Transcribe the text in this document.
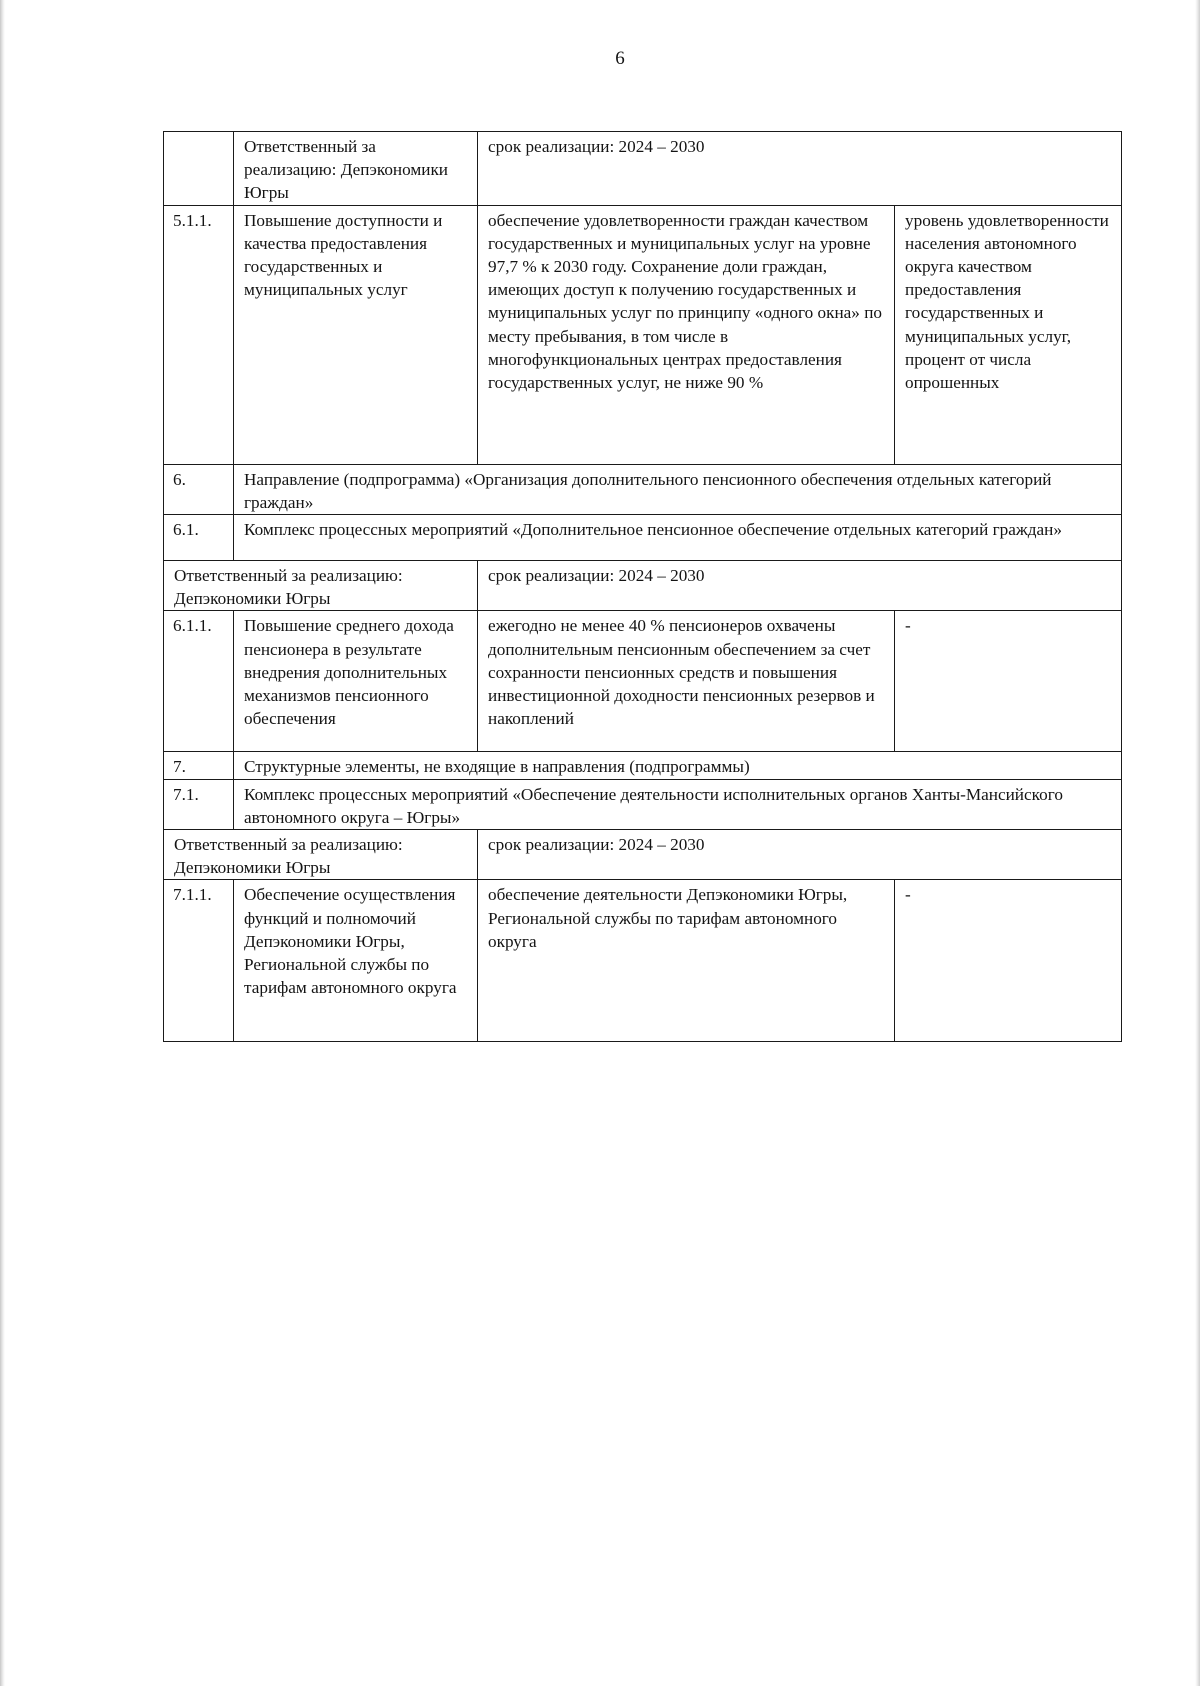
6
	Ответственный за реализацию: Депэкономики Югры	срок реализации: 2024 – 2030	
5.1.1.	Повышение доступности и качества предоставления государственных и муниципальных услуг	обеспечение удовлетворенности граждан качеством государственных и муниципальных услуг на уровне 97,7 % к 2030 году. Сохранение доли граждан, имеющих доступ к получению государственных и муниципальных услуг по принципу «одного окна» по месту пребывания, в том числе в многофункциональных центрах предоставления государственных услуг, не ниже 90 %	уровень удовлетворенности населения автономного округа качеством предоставления государственных и муниципальных услуг, процент от числа опрошенных
6.	Направление (подпрограмма) «Организация дополнительного пенсионного обеспечения отдельных категорий граждан»		
6.1.	Комплекс процессных мероприятий «Дополнительное пенсионное обеспечение отдельных категорий граждан»		
Ответственный за реализацию: Депэкономики Югры		срок реализации: 2024 – 2030	
6.1.1.	Повышение среднего дохода пенсионера в результате внедрения дополнительных механизмов пенсионного обеспечения	ежегодно не менее 40 % пенсионеров охвачены дополнительным пенсионным обеспечением за счет сохранности пенсионных средств и повышения инвестиционной доходности пенсионных резервов и накоплений	-
7.	Структурные элементы, не входящие в направления (подпрограммы)		
7.1.	Комплекс процессных мероприятий «Обеспечение деятельности исполнительных органов Ханты-Мансийского автономного округа – Югры»		
Ответственный за реализацию: Депэкономики Югры		срок реализации: 2024 – 2030	
7.1.1.	Обеспечение осуществления функций и полномочий Депэкономики Югры, Региональной службы по тарифам автономного округа	обеспечение деятельности Депэкономики Югры, Региональной службы по тарифам автономного округа	-
